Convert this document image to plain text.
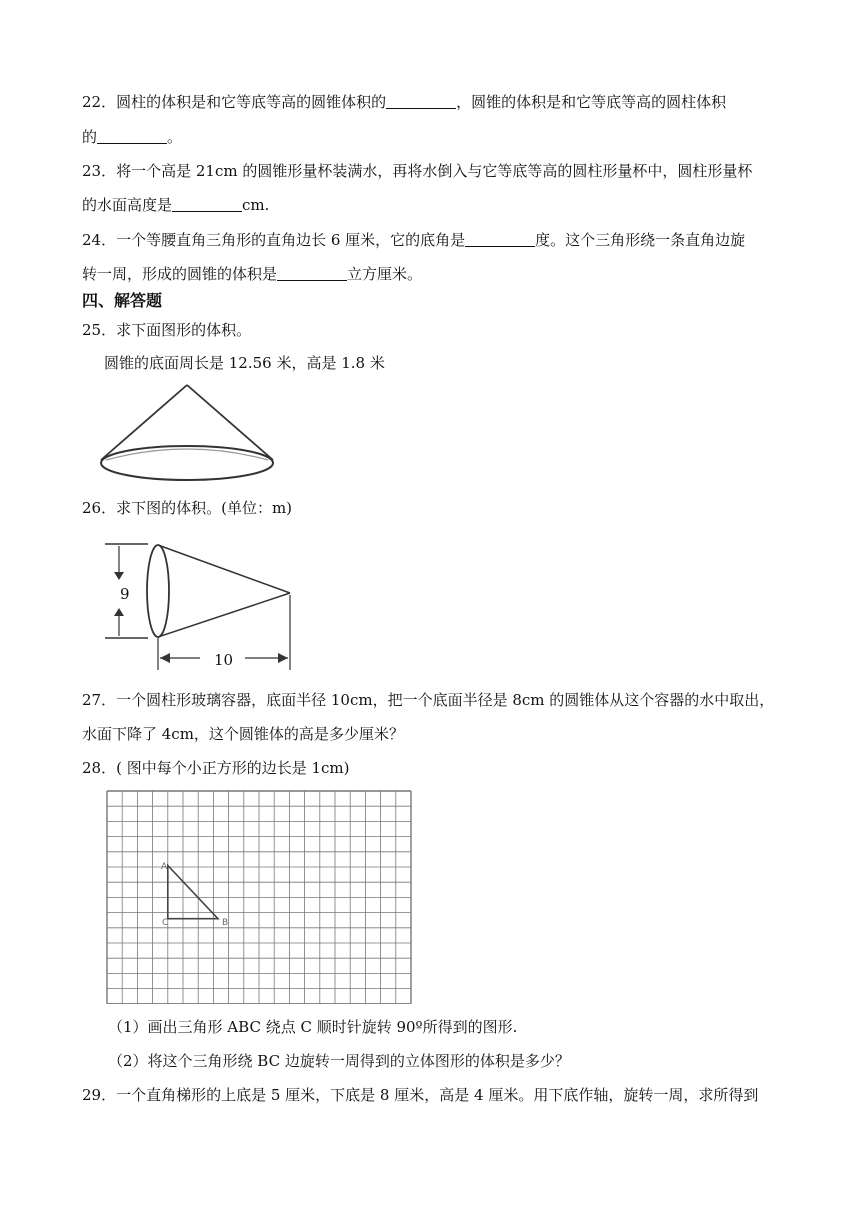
22．圆柱的体积是和它等底等高的圆锥体积的	，圆锥的体积是和它等底等高的圆柱体积
的	。
23．将一个高是 21cm 的圆锥形量杯装满水，再将水倒入与它等底等高的圆柱形量杯中，圆柱形量杯
的水面高度是	cm.
24．一个等腰直角三角形的直角边长 6 厘米，它的底角是	度。这个三角形绕一条直角边旋
转一周，形成的圆锥的体积是	立方厘米。
四、解答题
25．求下面图形的体积。
圆锥的底面周长是 12.56 米，高是 1.8 米
26．求下图的体积。(单位：m)
9
10
27．一个圆柱形玻璃容器，底面半径 10cm，把一个底面半径是 8cm 的圆锥体从这个容器的水中取出，
水面下降了 4cm，这个圆锥体的高是多少厘米？
28．( 图中每个小正方形的边长是 1cm)
A
C	B
（1）画出三角形 ABC 绕点 C 顺时针旋转 90º所得到的图形.
（2）将这个三角形绕 BC 边旋转一周得到的立体图形的体积是多少？
29．一个直角梯形的上底是 5 厘米，下底是 8 厘米，高是 4 厘米。用下底作轴，旋转一周，求所得到
